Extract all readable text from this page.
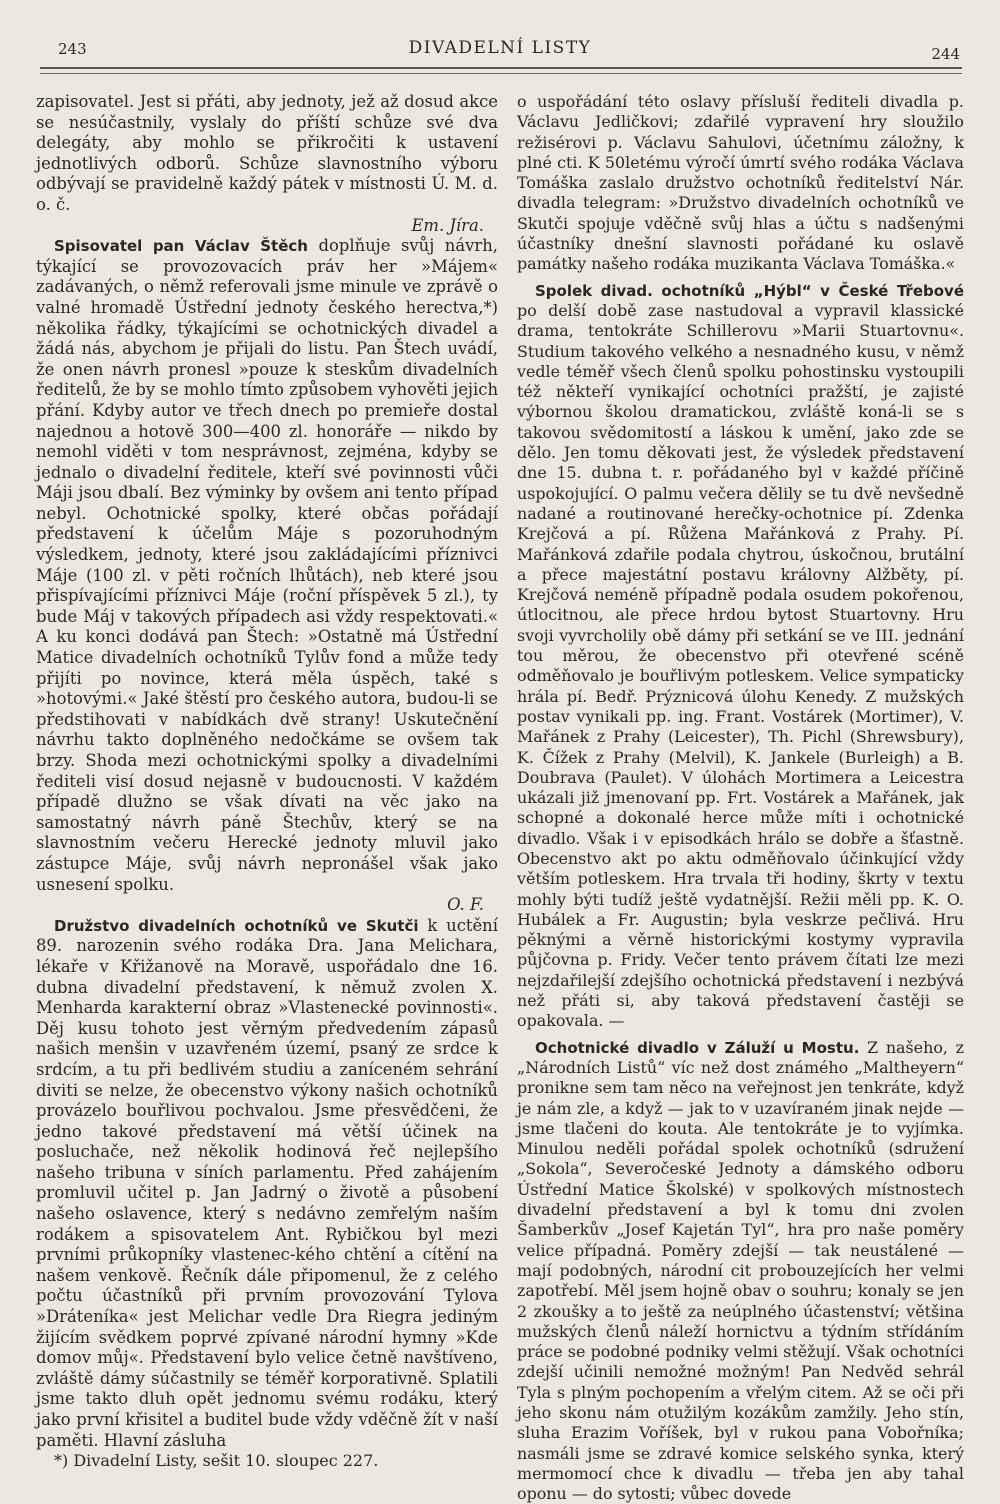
243	DIVADELNÍ LISTY	244

zapisovatel. Jest si přáti, aby jednoty, jež až dosud akce se nesúčastnily, vyslaly do příští schůze své dva delegáty, aby mohlo se přikročiti k ustavení jednotlivých odborů. Schůze slavnostního výboru odbývají se pravidelně každý pátek v místnosti Ú. M. d. o. č.

Em. Jíra.

Spisovatel pan Václav Štěch doplňuje svůj návrh, týkající se provozovacích práv her »Májem« zadávaných, o němž referovali jsme minule ve zprávě o valné hromadě Ústřední jednoty českého herectva,*) několika řádky, týkajícími se ochotnických divadel a žádá nás, abychom je přijali do listu. Pan Štech uvádí, že onen návrh pronesl »pouze k steskům divadelních ředitelů, že by se mohlo tímto způsobem vyhověti jejich přání. Kdyby autor ve třech dnech po premieře dostal najednou a hotově 300—400 zl. honoráře — nikdo by nemohl viděti v tom nesprávnost, zejména, kdyby se jednalo o divadelní ředitele, kteří své povinnosti vůči Máji jsou dbalí. Bez výminky by ovšem ani tento případ nebyl. Ochotnické spolky, které občas pořádají představení k účelům Máje s pozoruhodným výsledkem, jednoty, které jsou zakládajícími příznivci Máje (100 zl. v pěti ročních lhůtách), neb které jsou přispívajícími příznivci Máje (roční příspěvek 5 zl.), ty bude Máj v takových případech asi vždy respektovati.« A ku konci dodává pan Štech: »Ostatně má Ústřední Matice divadelních ochotníků Tylův fond a může tedy přijíti po novince, která měla úspěch, také s »hotovými.« Jaké štěstí pro českého autora, budou-li se předstihovati v nabídkách dvě strany! Uskutečnění návrhu takto doplněného nedočkáme se ovšem tak brzy. Shoda mezi ochotnickými spolky a divadelními řediteli visí dosud nejasně v budoucnosti. V každém případě dlužno se však dívati na věc jako na samostatný návrh páně Štechův, který se na slavnostním večeru Herecké jednoty mluvil jako zástupce Máje, svůj návrh nepronášel však jako usnesení spolku.

O. F.

Družstvo divadelních ochotníků ve Skutči k uctění 89. narozenin svého rodáka Dra. Jana Melichara, lékaře v Křižanově na Moravě, uspořádalo dne 16. dubna divadelní představení, k němuž zvolen X. Menharda karakterní obraz »Vlastenecké povinnosti«. Děj kusu tohoto jest věrným předvedením zápasů našich menšin v uzavřeném území, psaný ze srdce k srdcím, a tu při bedlivém studiu a zaníceném sehrání diviti se nelze, že obecenstvo výkony našich ochotníků provázelo bouřlivou pochvalou. Jsme přesvědčeni, že jedno takové představení má větší účinek na posluchače, než několik hodinová řeč nejlepšího našeho tribuna v síních parlamentu. Před zahájením promluvil učitel p. Jan Jadrný o životě a působení našeho oslavence, který s nedávno zemřelým naším rodákem a spisovatelem Ant. Rybičkou byl mezi prvními průkopníky vlastenec-kého chtění a cítění na našem venkově. Řečník dále připomenul, že z celého počtu účastníků při prvním provozování Tylova »Dráteníka« jest Melichar vedle Dra Riegra jediným žijícím svědkem poprvé zpívané národní hymny »Kde domov můj«. Představení bylo velice četně navštíveno, zvláště dámy súčastnily se téměř korporativně. Splatili jsme takto dluh opět jednomu svému rodáku, který jako první křisitel a buditel bude vždy vděčně žít v naší paměti. Hlavní zásluha

*) Divadelní Listy, sešit 10. sloupec 227.

o uspořádání této oslavy přísluší řediteli divadla p. Václavu Jedličkovi; zdařilé vypravení hry sloužilo režisérovi p. Václavu Sahulovi, účetnímu záložny, k plné cti. K 50letému výročí úmrtí svého rodáka Václava Tomáška zaslalo družstvo ochotníků ředitelství Nár. divadla telegram: »Družstvo divadelních ochotníků ve Skutči spojuje vděčně svůj hlas a účtu s nadšenými účastníky dnešní slavnosti pořádané ku oslavě památky našeho rodáka muzikanta Václava Tomáška.«

Spolek divad. ochotníků „Hýbl“ v České Třebové po delší době zase nastudoval a vypravil klassické drama, tentokráte Schillerovu »Marii Stuartovnu«. Studium takového velkého a nesnadného kusu, v němž vedle téměř všech členů spolku pohostinsku vystoupili též někteří vynikající ochotníci pražští, je zajisté výbornou školou dramatickou, zvláště koná-li se s takovou svědomitostí a láskou k umění, jako zde se dělo. Jen tomu děkovati jest, že výsledek představení dne 15. dubna t. r. pořádaného byl v každé příčině uspokojující. O palmu večera dělily se tu dvě nevšedně nadané a routinované herečky-ochotnice pí. Zdenka Krejčová a pí. Růžena Mařánková z Prahy. Pí. Mařánková zdařile podala chytrou, úskočnou, brutální a přece majestátní postavu královny Alžběty, pí. Krejčová neméně případně podala osudem pokořenou, útlocitnou, ale přece hrdou bytost Stuartovny. Hru svoji vyvrcholily obě dámy při setkání se ve III. jednání tou měrou, že obecenstvo při otevřené scéně odměňovalo je bouřlivým potleskem. Velice sympaticky hrála pí. Bedř. Prýznicová úlohu Kenedy. Z mužských postav vynikali pp. ing. Frant. Vostárek (Mortimer), V. Mařánek z Prahy (Leicester), Th. Pichl (Shrewsbury), K. Čížek z Prahy (Melvil), K. Jankele (Burleigh) a B. Doubrava (Paulet). V úlohách Mortimera a Leicestra ukázali již jmenovaní pp. Frt. Vostárek a Mařánek, jak schopné a dokonalé herce může míti i ochotnické divadlo. Však i v episodkách hrálo se dobře a šťastně. Obecenstvo akt po aktu odměňovalo účinkující vždy větším potleskem. Hra trvala tři hodiny, škrty v textu mohly býti tudíž ještě vydatnější. Režii měli pp. K. O. Hubálek a Fr. Augustin; byla veskrze pečlivá. Hru pěknými a věrně historickými kostymy vypravila půjčovna p. Fridy. Večer tento právem čítati lze mezi nejzdařilejší zdejšího ochotnická představení i nezbývá než přáti si, aby taková představení častěji se opakovala. —

Ochotnické divadlo v Záluží u Mostu. Z našeho, z „Národních Listů“ víc než dost známého „Maltheyern“ pronikne sem tam něco na veřejnost jen tenkráte, když je nám zle, a když — jak to v uzavíraném jinak nejde — jsme tlačeni do kouta. Ale tentokráte je to vyjímka. Minulou neděli pořádal spolek ochotníků (sdružení „Sokola“, Severočeské Jednoty a dámského odboru Ústřední Matice Školské) v spolkových místnostech divadelní představení a byl k tomu dni zvolen Šamberkův „Josef Kajetán Tyl“, hra pro naše poměry velice případná. Poměry zdejší — tak neustálené — mají podobných, národní cit probouzejících her velmi zapotřebí. Měl jsem hojně obav o souhru; konaly se jen 2 zkoušky a to ještě za neúplného účastenství; většina mužských členů náleží hornictvu a týdním střídáním práce se podobné podniky velmi stěžují. Však ochotníci zdejší učinili nemožné možným! Pan Nedvěd sehrál Tyla s plným pochopením a vřelým citem. Až se oči při jeho skonu nám otužilým kozákům zamžily. Jeho stín, sluha Erazim Voříšek, byl v rukou pana Vobořníka; nasmáli jsme se zdravé komice selského synka, který mermomocí chce k divadlu — třeba jen aby tahal oponu — do sytosti; vůbec dovede
